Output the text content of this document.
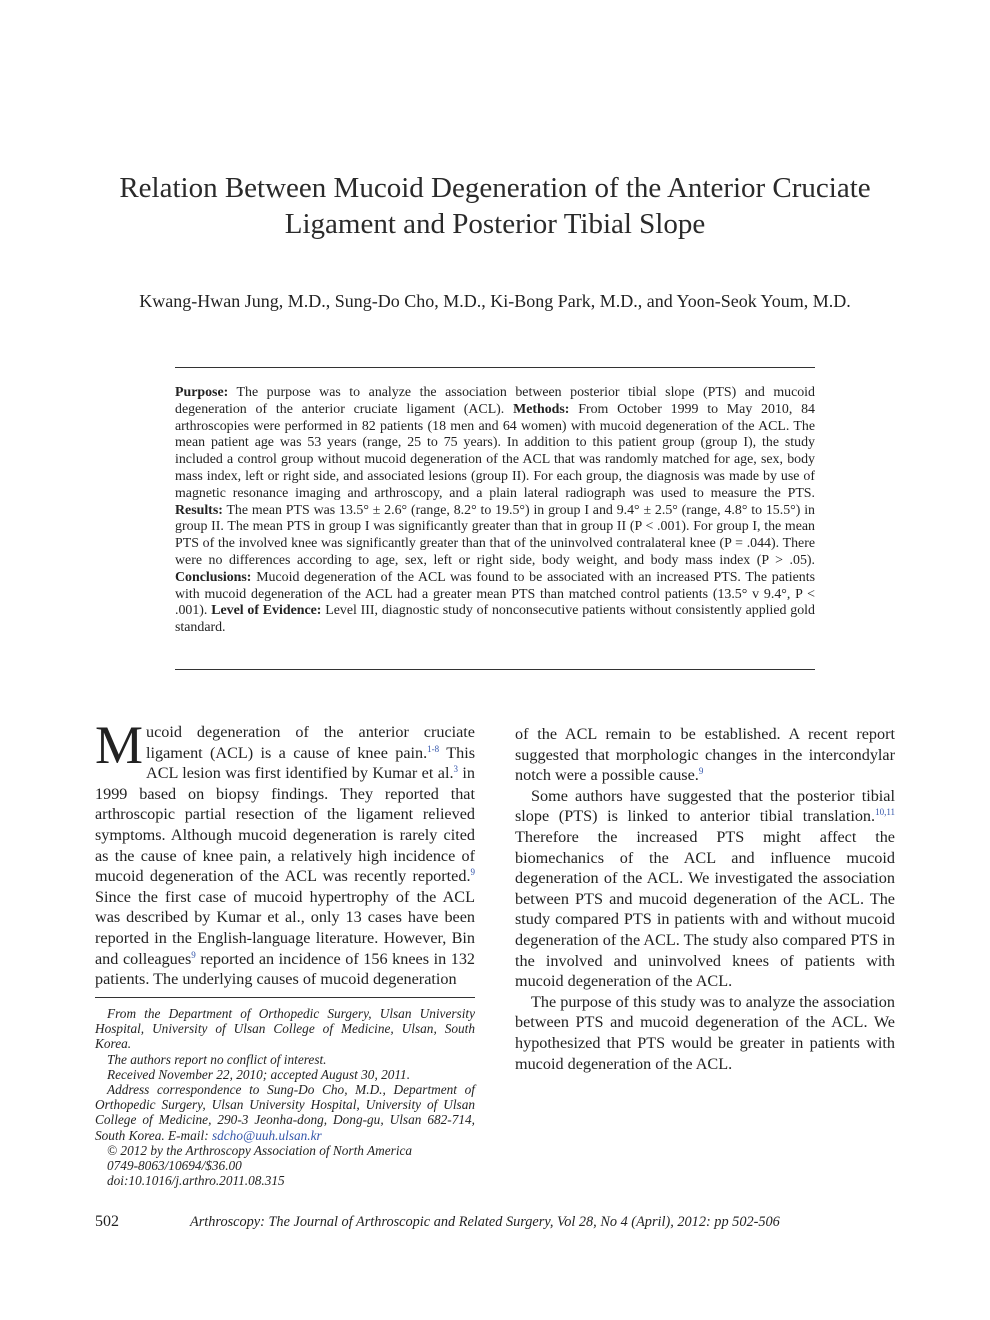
Relation Between Mucoid Degeneration of the Anterior Cruciate
Ligament and Posterior Tibial Slope
Kwang-Hwan Jung, M.D., Sung-Do Cho, M.D., Ki-Bong Park, M.D., and Yoon-Seok Youm, M.D.

Purpose: The purpose was to analyze the association between posterior tibial slope (PTS) and mucoid degeneration of the anterior cruciate ligament (ACL). Methods: From October 1999 to May 2010, 84 arthroscopies were performed in 82 patients (18 men and 64 women) with mucoid degeneration of the ACL. The mean patient age was 53 years (range, 25 to 75 years). In addition to this patient group (group I), the study included a control group without mucoid degeneration of the ACL that was randomly matched for age, sex, body mass index, left or right side, and associated lesions (group II). For each group, the diagnosis was made by use of magnetic resonance imaging and arthroscopy, and a plain lateral radiograph was used to measure the PTS. Results: The mean PTS was 13.5° ± 2.6° (range, 8.2° to 19.5°) in group I and 9.4° ± 2.5° (range, 4.8° to 15.5°) in group II. The mean PTS in group I was significantly greater than that in group II (P < .001). For group I, the mean PTS of the involved knee was significantly greater than that of the uninvolved contralateral knee (P = .044). There were no differences according to age, sex, left or right side, body weight, and body mass index (P > .05). Conclusions: Mucoid degeneration of the ACL was found to be associated with an increased PTS. The patients with mucoid degeneration of the ACL had a greater mean PTS than matched control patients (13.5° v 9.4°, P < .001). Level of Evidence: Level III, diagnostic study of nonconsecutive patients without consistently applied gold standard.

Mucoid degeneration of the anterior cruciate ligament (ACL) is a cause of knee pain.$^{1-8}$ This ACL lesion was first identified by Kumar et al.$^3$ in 1999 based on biopsy findings. They reported that arthroscopic partial resection of the ligament relieved symptoms. Although mucoid degeneration is rarely cited as the cause of knee pain, a relatively high incidence of mucoid degeneration of the ACL was recently reported.$^9$ Since the first case of mucoid hypertrophy of the ACL was described by Kumar et al., only 13 cases have been reported in the English-language literature. However, Bin and colleagues$^9$ reported an incidence of 156 knees in 132 patients. The underlying causes of mucoid degeneration

of the ACL remain to be established. A recent report suggested that morphologic changes in the intercondylar notch were a possible cause.$^9$

Some authors have suggested that the posterior tibial slope (PTS) is linked to anterior tibial translation.$^{10,11}$ Therefore the increased PTS might affect the biomechanics of the ACL and influence mucoid degeneration of the ACL. We investigated the association between PTS and mucoid degeneration of the ACL. The study compared PTS in patients with and without mucoid degeneration of the ACL. The study also compared PTS in the involved and uninvolved knees of patients with mucoid degeneration of the ACL.

The purpose of this study was to analyze the association between PTS and mucoid degeneration of the ACL. We hypothesized that PTS would be greater in patients with mucoid degeneration of the ACL.

From the Department of Orthopedic Surgery, Ulsan University Hospital, University of Ulsan College of Medicine, Ulsan, South Korea.

The authors report no conflict of interest.

Received November 22, 2010; accepted August 30, 2011.

Address correspondence to Sung-Do Cho, M.D., Department of Orthopedic Surgery, Ulsan University Hospital, University of Ulsan College of Medicine, 290-3 Jeonha-dong, Dong-gu, Ulsan 682-714, South Korea. E-mail: sdcho@uuh.ulsan.kr

© 2012 by the Arthroscopy Association of North America

0749-8063/10694/$36.00

doi:10.1016/j.arthro.2011.08.315

502	Arthroscopy: The Journal of Arthroscopic and Related Surgery, Vol 28, No 4 (April), 2012: pp 502-506
